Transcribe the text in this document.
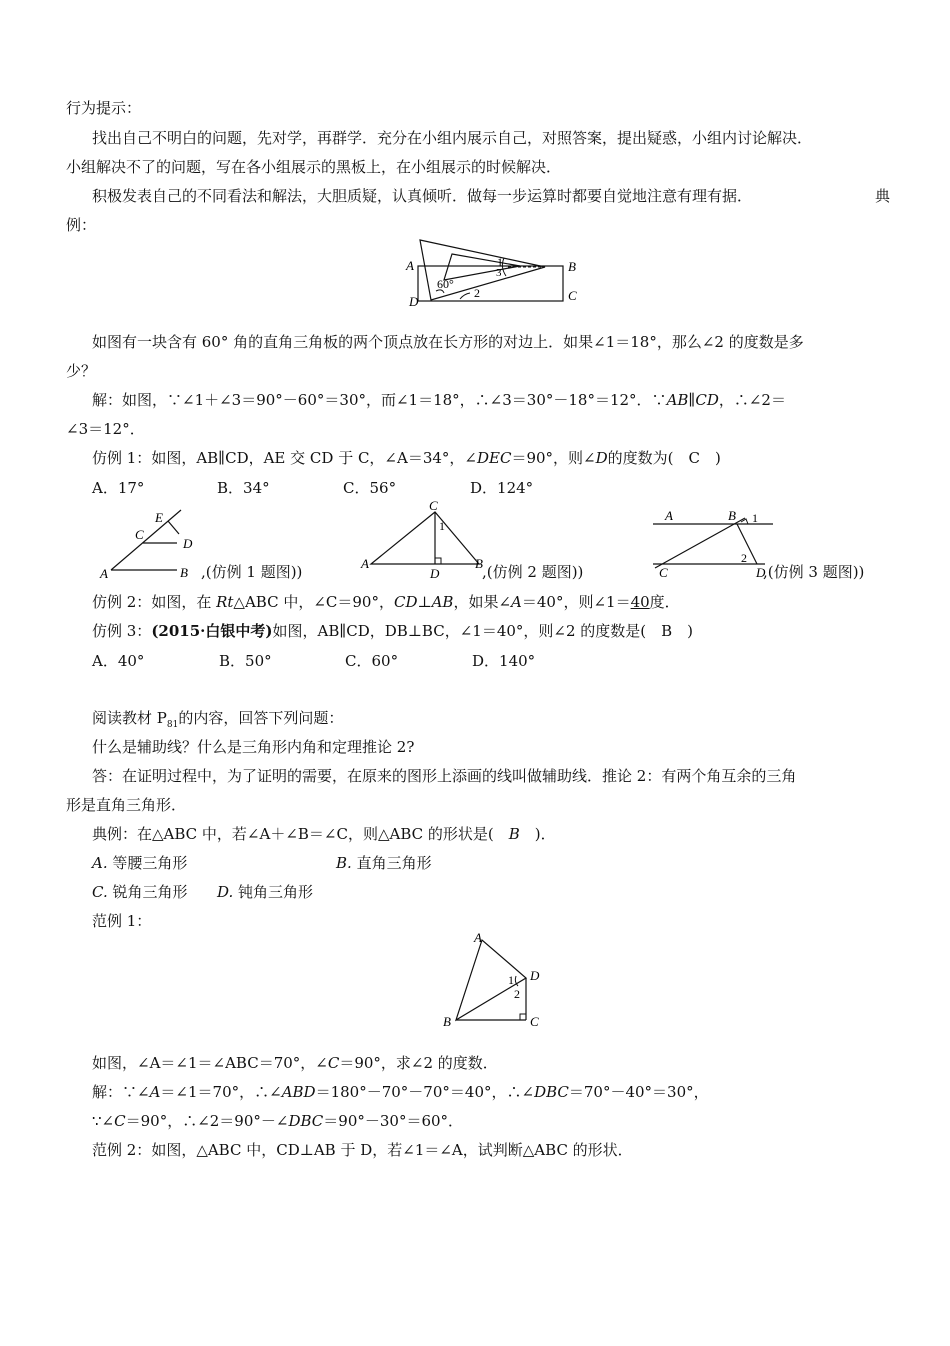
行为提示：
找出自己不明白的问题，先对学，再群学．充分在小组内展示自己，对照答案，提出疑惑，小组内讨论解决．
小组解决不了的问题，写在各小组展示的黑板上，在小组展示的时候解决．
积极发表自己的不同看法和解法，大胆质疑，认真倾听．做每一步运算时都要自觉地注意有理有据．	典
例：
A	B
C
D
1
3
2
60°
如图有一块含有 60° 角的直角三角板的两个顶点放在长方形的对边上．如果∠1＝18°，那么∠2 的度数是多
少？
解：如图，∵∠1＋∠3＝90°－60°＝30°，而∠1＝18°，∴∠3＝30°－18°＝12°．∵AB∥CD，∴∠2＝
∠3＝12°．
仿例 1：如图，AB∥CD，AE 交 CD 于 C，∠A＝34°，∠DEC＝90°，则∠D的度数为(　C　)
A．17°	B．34°	C．56°	D．124°
A	B
C
D
E
,(仿例 1 题图))	A	B
C
D
1
,(仿例 2 题图))
A	B
C	D
1
2
,(仿例 3 题图))
仿例 2：如图，在 Rt△ABC 中，∠C＝90°，CD⊥AB，如果∠A＝40°，则∠1＝40度．
仿例 3：(2015·白银中考)如图，AB∥CD，DB⊥BC，∠1＝40°，则∠2 的度数是(　B　)
A．40°	B．50°	C．60°	D．140°
阅读教材 $P_{81}$的内容，回答下列问题：
什么是辅助线？什么是三角形内角和定理推论 2?
答：在证明过程中，为了证明的需要，在原来的图形上添画的线叫做辅助线．推论 2：有两个角互余的三角
形是直角三角形．
典例：在△ABC 中，若∠A＋∠B＝∠C，则△ABC 的形状是(　B　)．
A. 等腰三角形	B. 直角三角形
C. 锐角三角形 D. 钝角三角形
范例 1：
A
B	C
D
1
2
如图，∠A＝∠1＝∠ABC＝70°，∠C＝90°，求∠2 的度数．
解：∵∠A＝∠1＝70°，∴∠ABD＝180°－70°－70°＝40°，∴∠DBC＝70°－40°＝30°，
∵∠C＝90°，∴∠2＝90°－∠DBC＝90°－30°＝60°．
范例 2：如图，△ABC 中，CD⊥AB 于 D，若∠1＝∠A，试判断△ABC 的形状．
